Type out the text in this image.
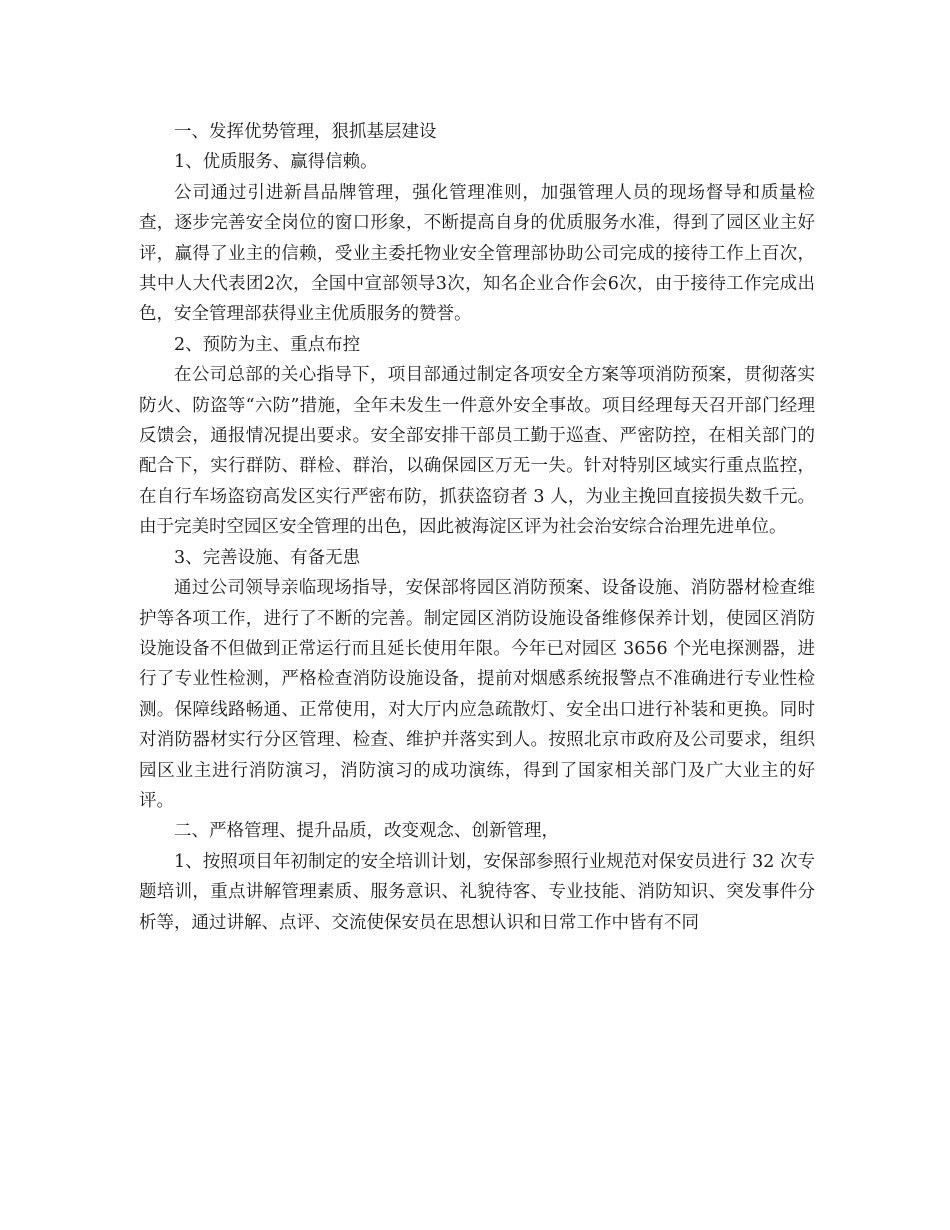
一、发挥优势管理，狠抓基层建设

1、优质服务、赢得信赖。

公司通过引进新昌品牌管理，强化管理准则，加强管理人员的现场督导和质量检查，逐步完善安全岗位的窗口形象，不断提高自身的优质服务水准，得到了园区业主好评，赢得了业主的信赖，受业主委托物业安全管理部协助公司完成的接待工作上百次，其中人大代表团2次，全国中宣部领导3次，知名企业合作会6次，由于接待工作完成出色，安全管理部获得业主优质服务的赞誉。

2、预防为主、重点布控

在公司总部的关心指导下，项目部通过制定各项安全方案等项消防预案，贯彻落实防火、防盗等“六防”措施，全年未发生一件意外安全事故。项目经理每天召开部门经理反馈会，通报情况提出要求。安全部安排干部员工勤于巡查、严密防控，在相关部门的配合下，实行群防、群检、群治，以确保园区万无一失。针对特别区域实行重点监控，在自行车场盗窃高发区实行严密布防，抓获盗窃者 3 人，为业主挽回直接损失数千元。由于完美时空园区安全管理的出色，因此被海淀区评为社会治安综合治理先进单位。

3、完善设施、有备无患

通过公司领导亲临现场指导，安保部将园区消防预案、设备设施、消防器材检查维护等各项工作，进行了不断的完善。制定园区消防设施设备维修保养计划，使园区消防设施设备不但做到正常运行而且延长使用年限。今年已对园区 3656 个光电探测器，进行了专业性检测，严格检查消防设施设备，提前对烟感系统报警点不准确进行专业性检测。保障线路畅通、正常使用，对大厅内应急疏散灯、安全出口进行补装和更换。同时对消防器材实行分区管理、检查、维护并落实到人。按照北京市政府及公司要求，组织园区业主进行消防演习，消防演习的成功演练，得到了国家相关部门及广大业主的好评。

二、严格管理、提升品质，改变观念、创新管理，

1、按照项目年初制定的安全培训计划，安保部参照行业规范对保安员进行 32 次专题培训，重点讲解管理素质、服务意识、礼貌待客、专业技能、消防知识、突发事件分析等，通过讲解、点评、交流使保安员在思想认识和日常工作中皆有不同
